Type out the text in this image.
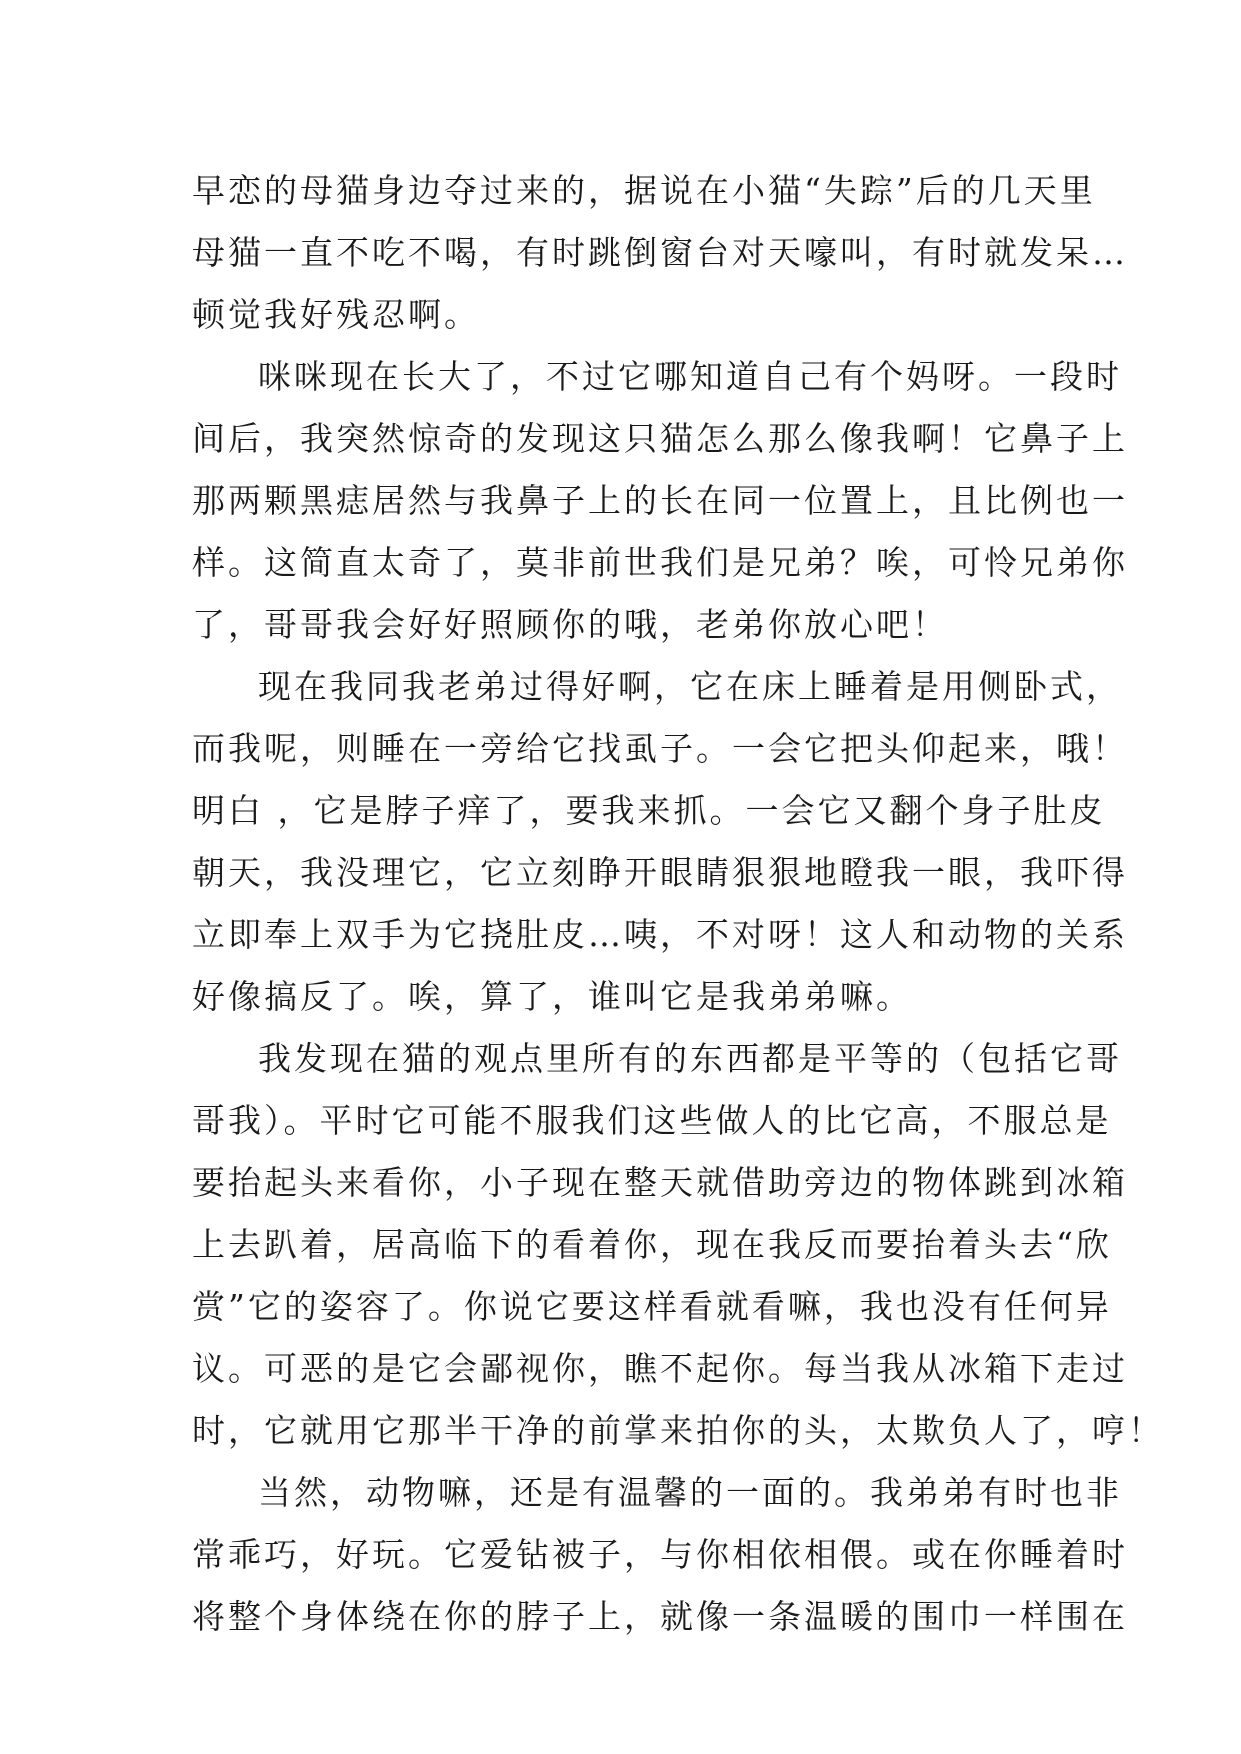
早恋的母猫身边夺过来的，据说在小猫“失踪”后的几天里
母猫一直不吃不喝，有时跳倒窗台对天嚎叫，有时就发呆…
顿觉我好残忍啊。
咪咪现在长大了，不过它哪知道自己有个妈呀。一段时
间后，我突然惊奇的发现这只猫怎么那么像我啊！它鼻子上
那两颗黑痣居然与我鼻子上的长在同一位置上，且比例也一
样。这简直太奇了，莫非前世我们是兄弟？唉，可怜兄弟你
了，哥哥我会好好照顾你的哦，老弟你放心吧！
现在我同我老弟过得好啊，它在床上睡着是用侧卧式，
而我呢，则睡在一旁给它找虱子。一会它把头仰起来，哦！
明白 ，它是脖子痒了，要我来抓。一会它又翻个身子肚皮
朝天，我没理它，它立刻睁开眼睛狠狠地瞪我一眼，我吓得
立即奉上双手为它挠肚皮…咦，不对呀！这人和动物的关系
好像搞反了。唉，算了，谁叫它是我弟弟嘛。
我发现在猫的观点里所有的东西都是平等的（包括它哥
哥我）。平时它可能不服我们这些做人的比它高，不服总是
要抬起头来看你，小子现在整天就借助旁边的物体跳到冰箱
上去趴着，居高临下的看着你，现在我反而要抬着头去“欣
赏”它的姿容了。你说它要这样看就看嘛，我也没有任何异
议。可恶的是它会鄙视你，瞧不起你。每当我从冰箱下走过
时，它就用它那半干净的前掌来拍你的头，太欺负人了，哼！
当然，动物嘛，还是有温馨的一面的。我弟弟有时也非
常乖巧，好玩。它爱钻被子，与你相依相偎。或在你睡着时
将整个身体绕在你的脖子上，就像一条温暖的围巾一样围在
